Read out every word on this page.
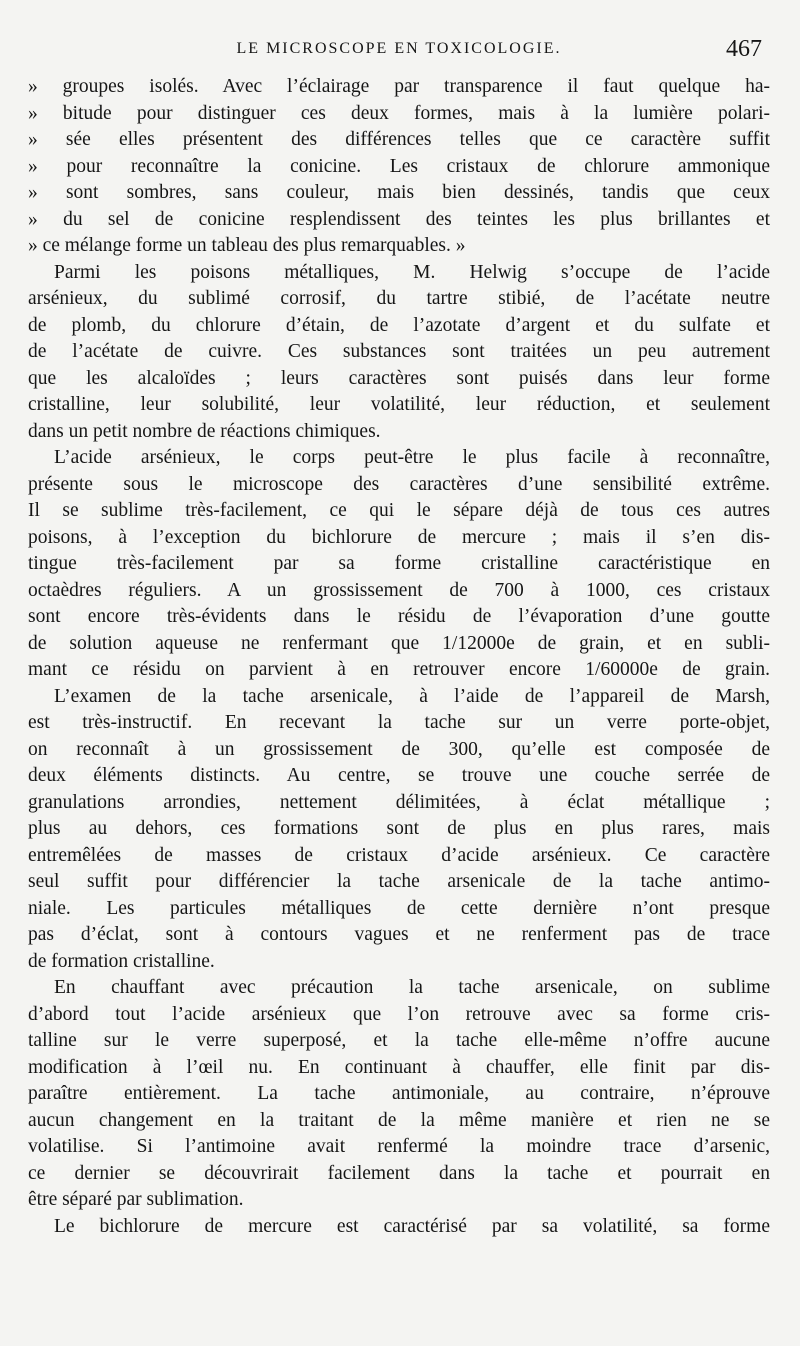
LE MICROSCOPE EN TOXICOLOGIE.	467
» groupes isolés. Avec l’éclairage par transparence il faut quelque ha-
» bitude pour distinguer ces deux formes, mais à la lumière polari-
» sée elles présentent des différences telles que ce caractère suffit
» pour reconnaître la conicine. Les cristaux de chlorure ammonique
» sont sombres, sans couleur, mais bien dessinés, tandis que ceux
» du sel de conicine resplendissent des teintes les plus brillantes et
» ce mélange forme un tableau des plus remarquables. »
Parmi les poisons métalliques, M. Helwig s’occupe de l’acide
arsénieux, du sublimé corrosif, du tartre stibié, de l’acétate neutre
de plomb, du chlorure d’étain, de l’azotate d’argent et du sulfate et
de l’acétate de cuivre. Ces substances sont traitées un peu autrement
que les alcaloïdes ; leurs caractères sont puisés dans leur forme
cristalline, leur solubilité, leur volatilité, leur réduction, et seulement
dans un petit nombre de réactions chimiques.
L’acide arsénieux, le corps peut-être le plus facile à reconnaître,
présente sous le microscope des caractères d’une sensibilité extrême.
Il se sublime très-facilement, ce qui le sépare déjà de tous ces autres
poisons, à l’exception du bichlorure de mercure ; mais il s’en dis-
tingue très-facilement par sa forme cristalline caractéristique en
octaèdres réguliers. A un grossissement de 700 à 1000, ces cristaux
sont encore très-évidents dans le résidu de l’évaporation d’une goutte
de solution aqueuse ne renfermant que 1/12000e de grain, et en subli-
mant ce résidu on parvient à en retrouver encore 1/60000e de grain.
L’examen de la tache arsenicale, à l’aide de l’appareil de Marsh,
est très-instructif. En recevant la tache sur un verre porte-objet,
on reconnaît à un grossissement de 300, qu’elle est composée de
deux éléments distincts. Au centre, se trouve une couche serrée de
granulations arrondies, nettement délimitées, à éclat métallique ;
plus au dehors, ces formations sont de plus en plus rares, mais
entremêlées de masses de cristaux d’acide arsénieux. Ce caractère
seul suffit pour différencier la tache arsenicale de la tache antimo-
niale. Les particules métalliques de cette dernière n’ont presque
pas d’éclat, sont à contours vagues et ne renferment pas de trace
de formation cristalline.
En chauffant avec précaution la tache arsenicale, on sublime
d’abord tout l’acide arsénieux que l’on retrouve avec sa forme cris-
talline sur le verre superposé, et la tache elle-même n’offre aucune
modification à l’œil nu. En continuant à chauffer, elle finit par dis-
paraître entièrement. La tache antimoniale, au contraire, n’éprouve
aucun changement en la traitant de la même manière et rien ne se
volatilise. Si l’antimoine avait renfermé la moindre trace d’arsenic,
ce dernier se découvrirait facilement dans la tache et pourrait en
être séparé par sublimation.
Le bichlorure de mercure est caractérisé par sa volatilité, sa forme
